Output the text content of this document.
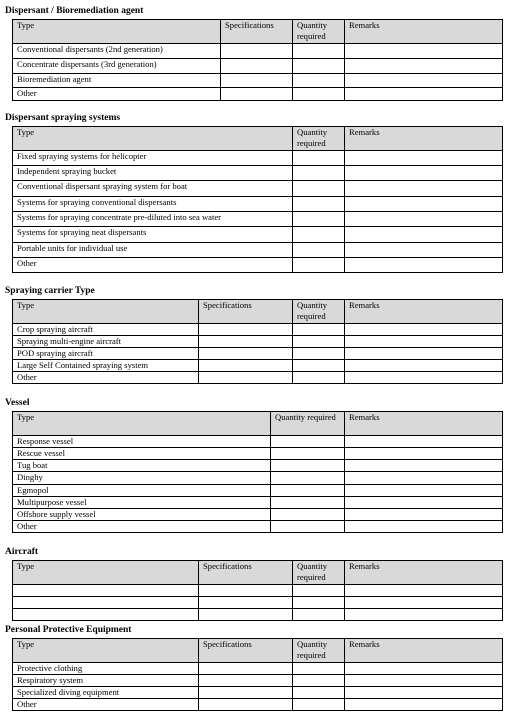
Dispersant / Bioremediation agent
Type	Specifications	Quantity required	Remarks
Conventional dispersants (2nd generation)			
Concentrate dispersants (3rd generation)			
Bioremediation agent			
Other			
Dispersant spraying systems
Type	Quantity required	Remarks
Fixed spraying systems for helicopter		
Independent spraying bucket		
Conventional dispersant spraying system for boat		
Systems for spraying conventional dispersants		
Systems for spraying concentrate pre-diluted into sea water		
Systems for spraying neat dispersants		
Portable units for individual use		
Other		
Spraying carrier Type
Type	Specifications	Quantity required	Remarks
Crop spraying aircraft			
Spraying multi-engine aircraft			
POD spraying aircraft			
Large Self Contained spraying system			
Other			
Vessel
Type	Quantity required	Remarks
Response vessel		
Rescue vessel		
Tug boat		
Dinghy		
Egmopol		
Multipurpose vessel		
Offshore supply vessel		
Other		
Aircraft
Type	Specifications	Quantity required	Remarks

Personal Protective Equipment
Type	Specifications	Quantity required	Remarks
Protective clothing			
Respiratory system			
Specialized diving equipment			
Other			
